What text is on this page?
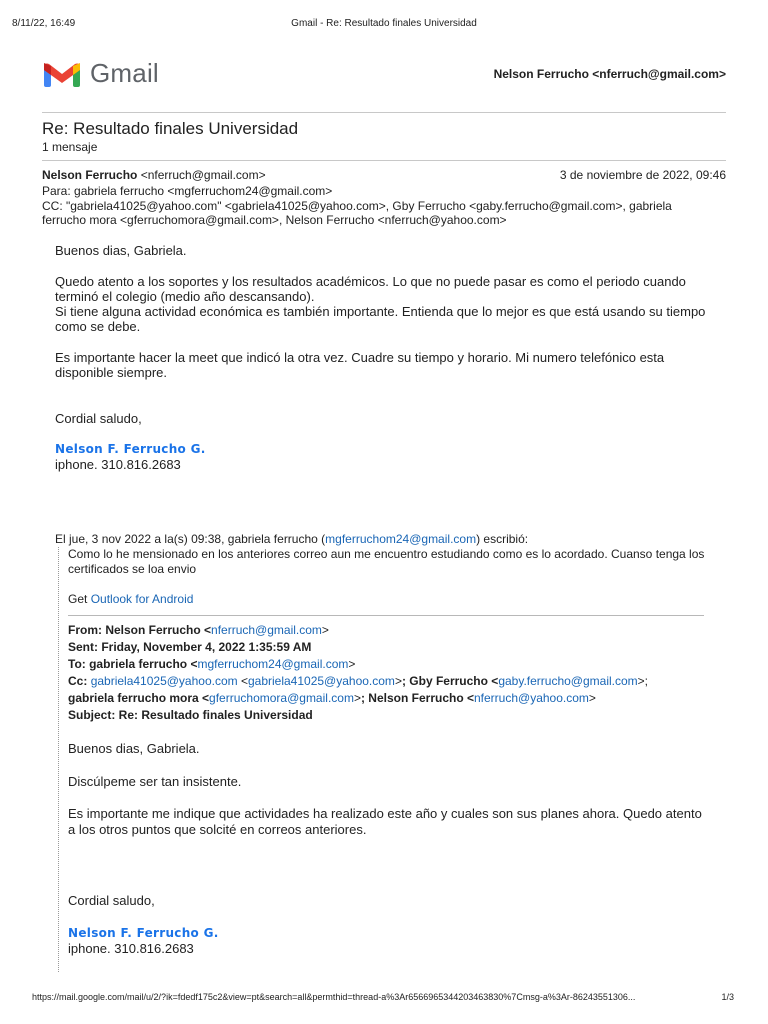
8/11/22, 16:49	Gmail - Re: Resultado finales Universidad
Gmail	Nelson Ferrucho <nferruch@gmail.com>
Re: Resultado finales Universidad
1 mensaje
Nelson Ferrucho <nferruch@gmail.com>	3 de noviembre de 2022, 09:46
Para: gabriela ferrucho <mgferruchom24@gmail.com>
CC: "gabriela41025@yahoo.com" <gabriela41025@yahoo.com>, Gby Ferrucho <gaby.ferrucho@gmail.com>, gabriela ferrucho mora <gferruchomora@gmail.com>, Nelson Ferrucho <nferruch@yahoo.com>

Buenos dias, Gabriela.

Quedo atento a los soportes y los resultados académicos. Lo que no puede pasar es como el periodo cuando terminó el colegio (medio año descansando).

Si tiene alguna actividad económica es también importante. Entienda que lo mejor es que está usando su tiempo como se debe.

Es importante hacer la meet que indicó la otra vez. Cuadre su tiempo y horario. Mi numero telefónico esta disponible siempre.

Cordial saludo,

Nelson F. Ferrucho G.

iphone. 310.816.2683

El jue, 3 nov 2022 a la(s) 09:38, gabriela ferrucho (mgferruchom24@gmail.com) escribió:

Como lo he mensionado en los anteriores correo aun me encuentro estudiando como es lo acordado. Cuanso tenga los certificados se loa envio

Get Outlook for Android

From: Nelson Ferrucho <nferruch@gmail.com>
Sent: Friday, November 4, 2022 1:35:59 AM
To: gabriela ferrucho <mgferruchom24@gmail.com>
Cc: gabriela41025@yahoo.com <gabriela41025@yahoo.com>; Gby Ferrucho <gaby.ferrucho@gmail.com>;
gabriela ferrucho mora <gferruchomora@gmail.com>; Nelson Ferrucho <nferruch@yahoo.com>
Subject: Re: Resultado finales Universidad

Buenos dias, Gabriela.

Discúlpeme ser tan insistente.

Es importante me indique que actividades ha realizado este año y cuales son sus planes ahora. Quedo atento a los otros puntos que solcité en correos anteriores.

Cordial saludo,

Nelson F. Ferrucho G.

iphone. 310.816.2683

https://mail.google.com/mail/u/2/?ik=fdedf175c2&view=pt&search=all&permthid=thread-a%3Ar6566965344203463830%7Cmsg-a%3Ar-86243551306...	1/3
